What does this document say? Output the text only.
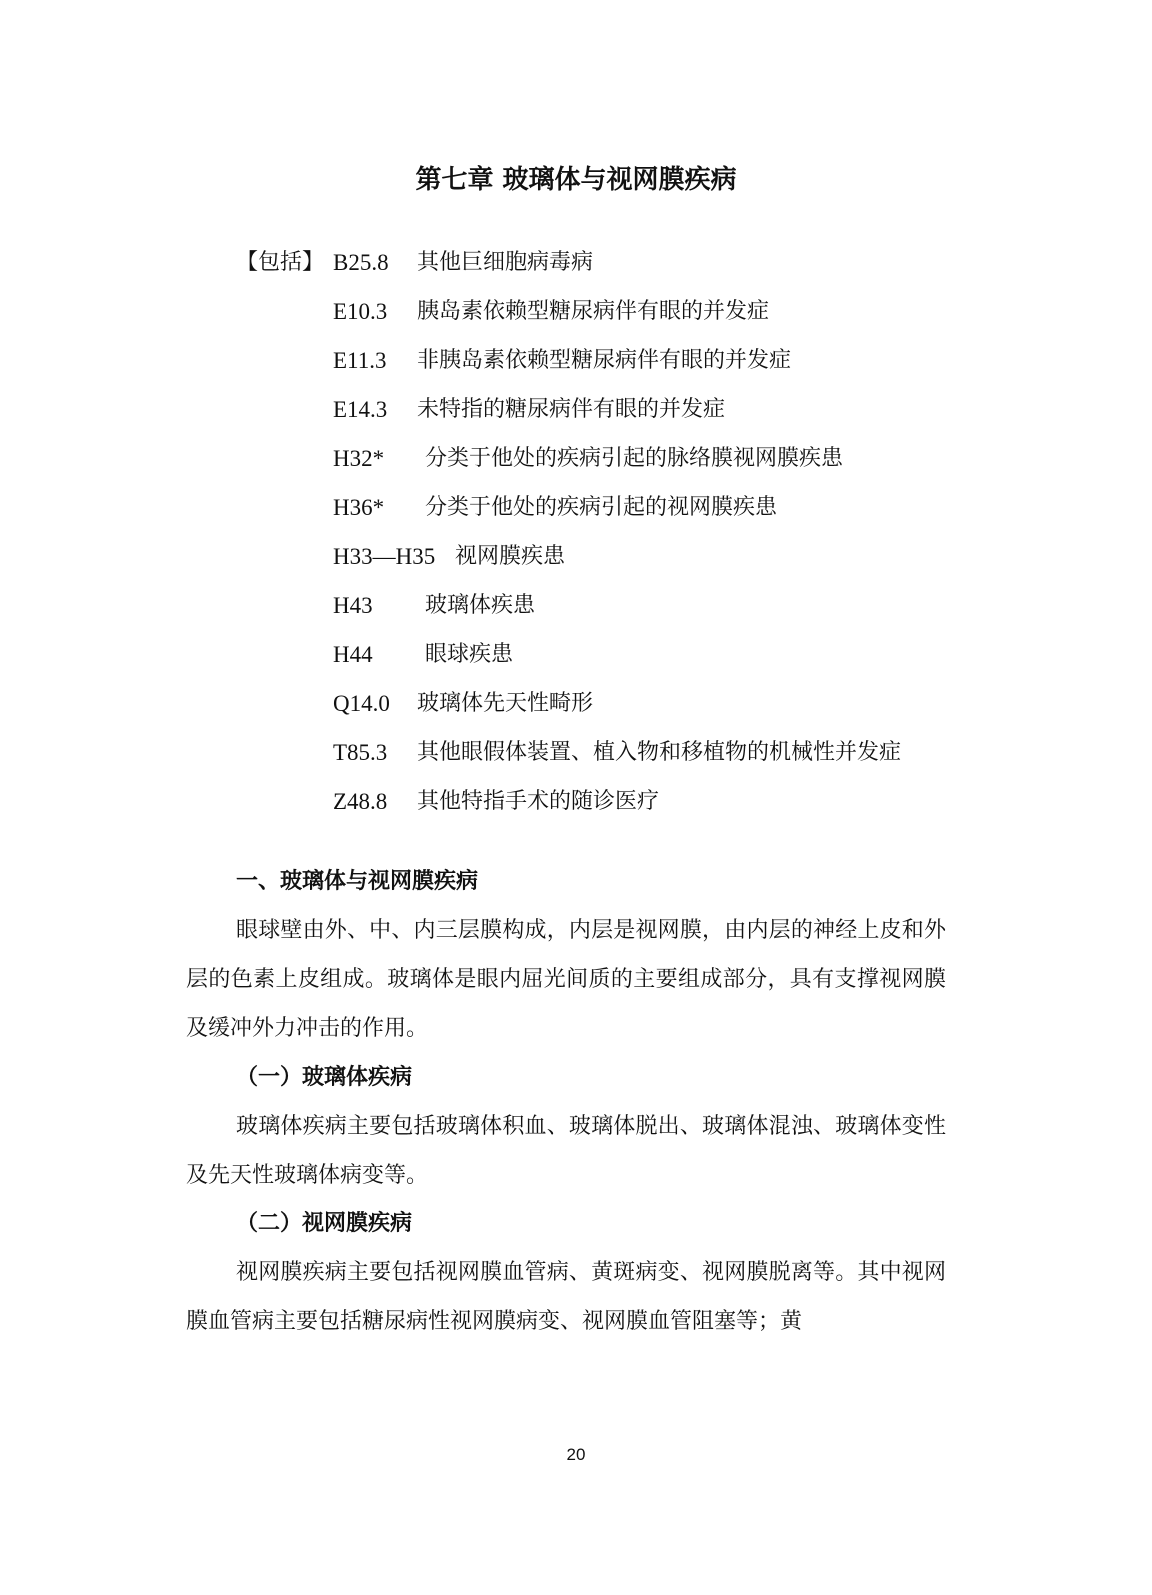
第七章 玻璃体与视网膜疾病
【包括】 B25.8 其他巨细胞病毒病
E10.3 胰岛素依赖型糖尿病伴有眼的并发症
E11.3 非胰岛素依赖型糖尿病伴有眼的并发症
E14.3 未特指的糖尿病伴有眼的并发症
H32* 分类于他处的疾病引起的脉络膜视网膜疾患
H36* 分类于他处的疾病引起的视网膜疾患
H33—H35 视网膜疾患
H43 玻璃体疾患
H44 眼球疾患
Q14.0 玻璃体先天性畸形
T85.3 其他眼假体装置、植入物和移植物的机械性并发症
Z48.8 其他特指手术的随诊医疗
一、玻璃体与视网膜疾病

眼球壁由外、中、内三层膜构成，内层是视网膜，由内层的神经上皮和外层的色素上皮组成。玻璃体是眼内屈光间质的主要组成部分，具有支撑视网膜及缓冲外力冲击的作用。

（一）玻璃体疾病

玻璃体疾病主要包括玻璃体积血、玻璃体脱出、玻璃体混浊、玻璃体变性及先天性玻璃体病变等。

（二）视网膜疾病

视网膜疾病主要包括视网膜血管病、黄斑病变、视网膜脱离等。其中视网膜血管病主要包括糖尿病性视网膜病变、视网膜血管阻塞等；黄

20
